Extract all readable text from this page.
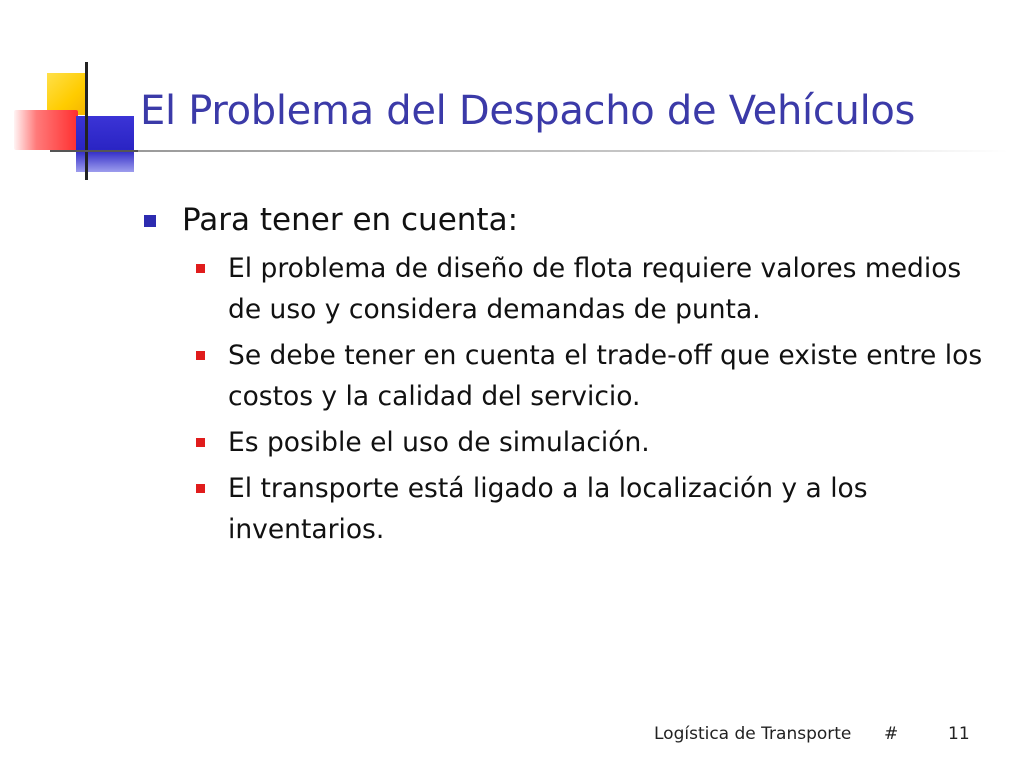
El Problema del Despacho de Vehículos
Para tener en cuenta:
El problema de diseño de flota requiere valores medios de uso y considera demandas de punta.
Se debe tener en cuenta el trade-off que existe entre los costos y la calidad del servicio.
Es posible el uso de simulación.
El transporte está ligado a la localización y a los inventarios.
Logística de Transporte #	11
